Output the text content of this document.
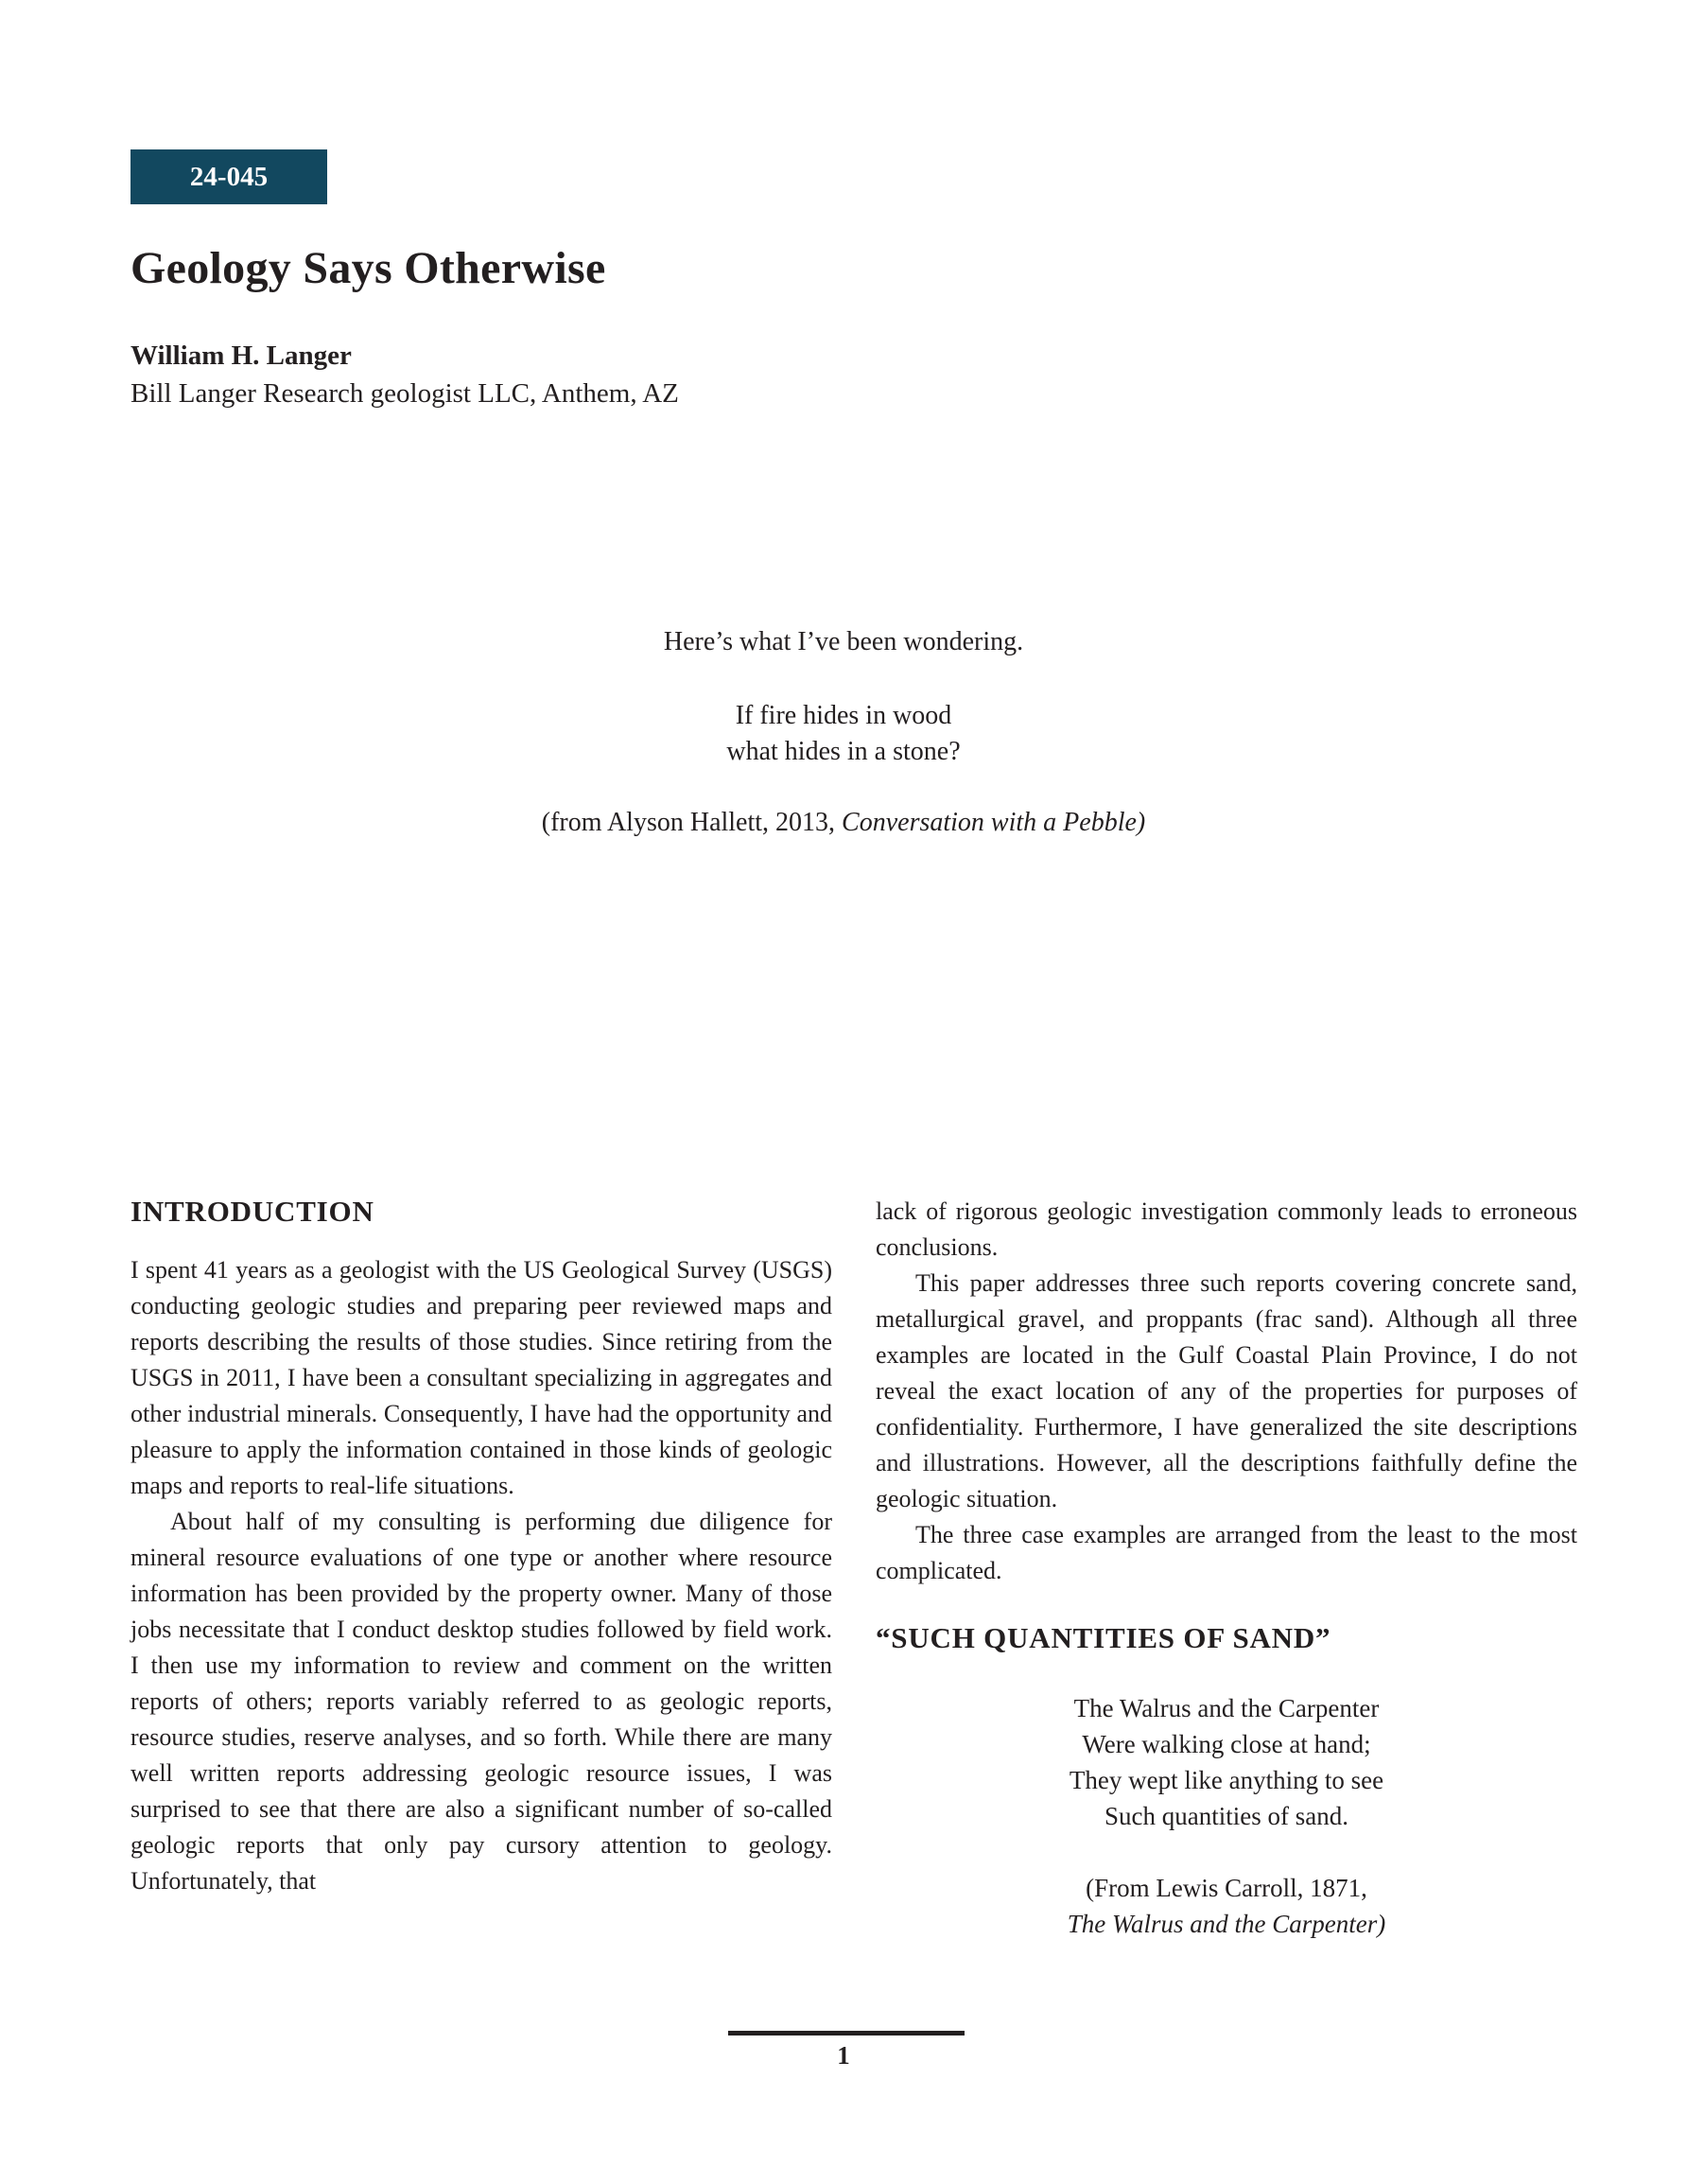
24-045
Geology Says Otherwise
William H. Langer
Bill Langer Research geologist LLC, Anthem, AZ
Here’s what I’ve been wondering.
If fire hides in wood
what hides in a stone?
(from Alyson Hallett, 2013, Conversation with a Pebble)
INTRODUCTION

I spent 41 years as a geologist with the US Geological Survey (USGS) conducting geologic studies and preparing peer reviewed maps and reports describing the results of those studies. Since retiring from the USGS in 2011, I have been a consultant specializing in aggregates and other industrial minerals. Consequently, I have had the opportunity and pleasure to apply the information contained in those kinds of geologic maps and reports to real-life situations.

About half of my consulting is performing due diligence for mineral resource evaluations of one type or another where resource information has been provided by the property owner. Many of those jobs necessitate that I conduct desktop studies followed by field work. I then use my information to review and comment on the written reports of others; reports variably referred to as geologic reports, resource studies, reserve analyses, and so forth. While there are many well written reports addressing geologic resource issues, I was surprised to see that there are also a significant number of so-called geologic reports that only pay cursory attention to geology. Unfortunately, that

lack of rigorous geologic investigation commonly leads to erroneous conclusions.

This paper addresses three such reports covering concrete sand, metallurgical gravel, and proppants (frac sand). Although all three examples are located in the Gulf Coastal Plain Province, I do not reveal the exact location of any of the properties for purposes of confidentiality. Furthermore, I have generalized the site descriptions and illustrations. However, all the descriptions faithfully define the geologic situation.

The three case examples are arranged from the least to the most complicated.

“SUCH QUANTITIES OF SAND”
The Walrus and the Carpenter
Were walking close at hand;
They wept like anything to see
Such quantities of sand.
(From Lewis Carroll, 1871,
The Walrus and the Carpenter)
1
